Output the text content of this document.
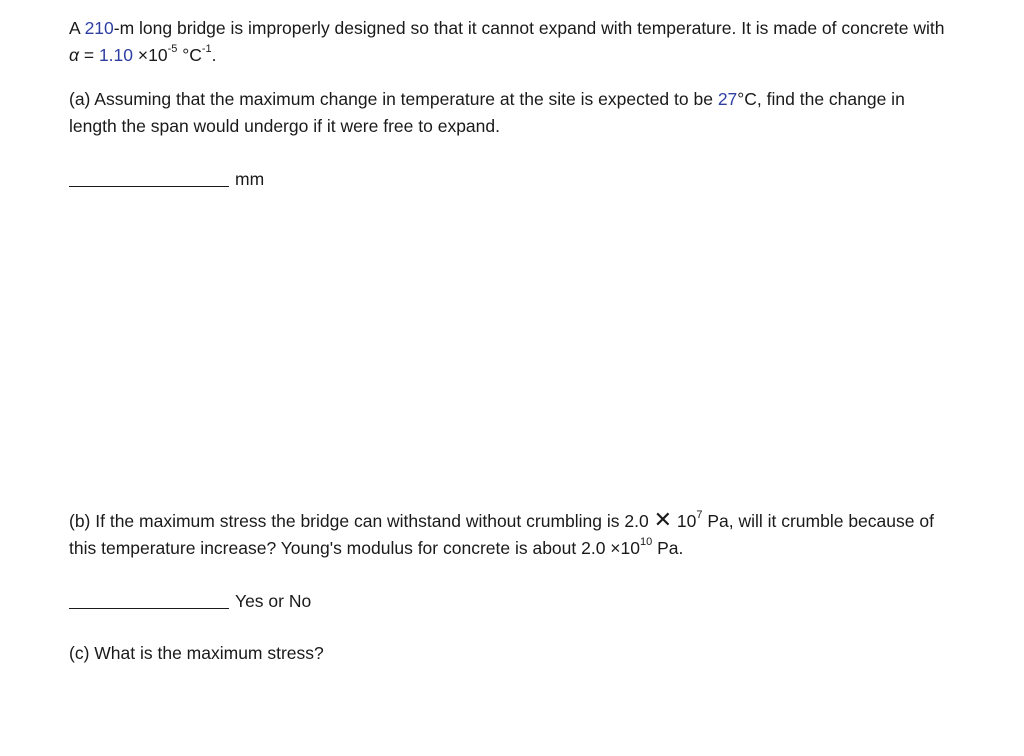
A 210-m long bridge is improperly designed so that it cannot expand with temperature. It is made of concrete with $\alpha = 1.10 \times 10^{-5}$ $^\circ C^{-1}$.

(a) Assuming that the maximum change in temperature at the site is expected to be 27°C, find the change in length the span would undergo if it were free to expand.

mm

(b) If the maximum stress the bridge can withstand without crumbling is 2.0 ✕ $10^7$ Pa, will it crumble because of this temperature increase? Young's modulus for concrete is about $2.0 \times 10^{10}$ Pa.

Yes or No

(c) What is the maximum stress?
